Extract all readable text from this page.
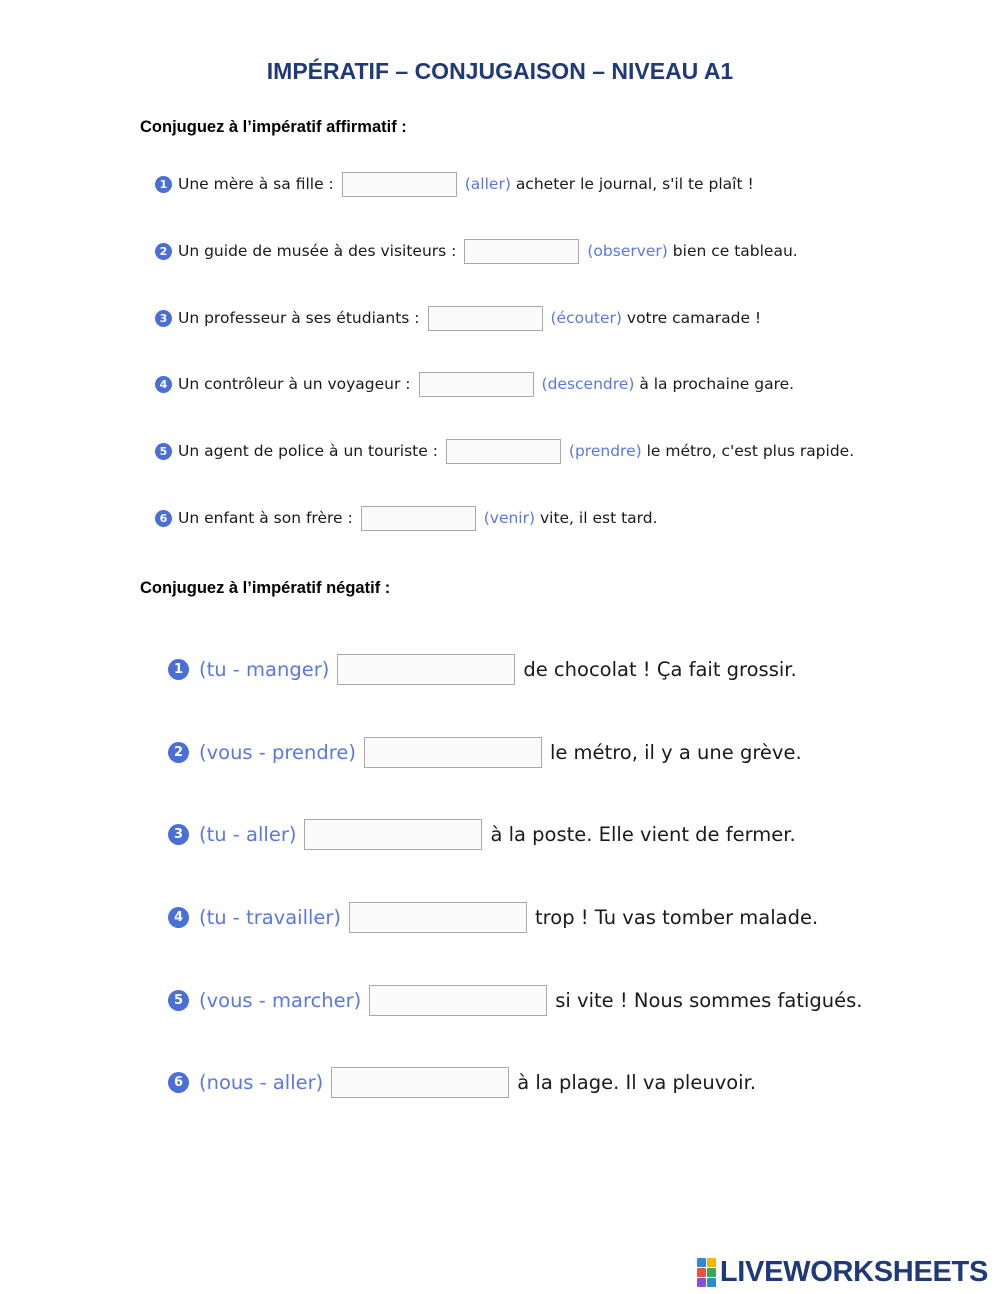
IMPÉRATIF – CONJUGAISON – NIVEAU A1
Conjuguez à l’impératif affirmatif :
1 Une mère à sa fille :	(aller)
acheter le journal, s'il te plaît !
2 Un guide de musée à des visiteurs :	(observer)
bien ce tableau.
3 Un professeur à ses étudiants :	(écouter)
votre camarade !
4 Un contrôleur à un voyageur :	(descendre)
à la prochaine gare.
5 Un agent de police à un touriste :	(prendre)
le métro, c'est plus rapide.
6 Un enfant à son frère :	(venir)
vite, il est tard.
Conjuguez à l’impératif négatif :
1 (tu - manger)	de chocolat ! Ça fait grossir.
2 (vous - prendre)	le métro, il y a une grève.
3 (tu - aller)	à la poste. Elle vient de fermer.
4 (tu - travailler)	trop ! Tu vas tomber malade.
5 (vous - marcher)	si vite ! Nous sommes fatigués.
6 (nous - aller)	à la plage. Il va pleuvoir.
LIVEWORKSHEETS
